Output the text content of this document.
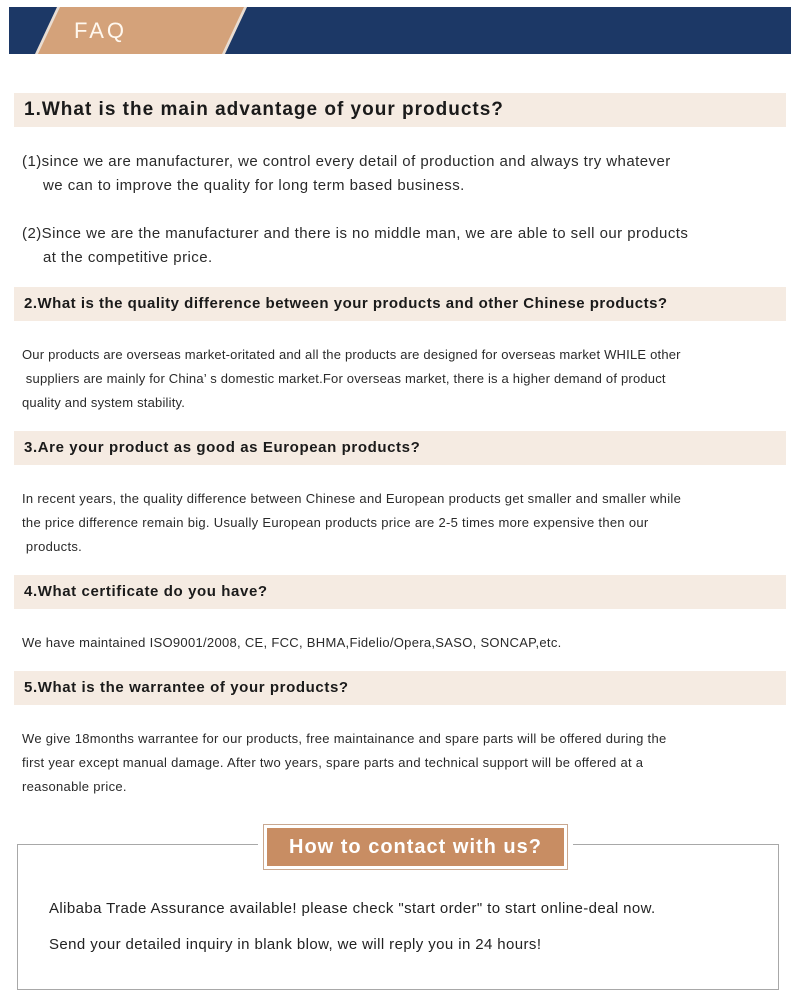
FAQ
1.What is the main advantage of your products?
(1)since we are manufacturer, we control every detail of production and always try whatever
we can to improve the quality for long term based business.
(2)Since we are the manufacturer and there is no middle man, we are able to sell our products
at the competitive price.
2.What is the quality difference between your products and other Chinese products?
Our products are overseas market-oritated and all the products are designed for overseas market WHILE other
suppliers are mainly for China’ s domestic market.For overseas market, there is a higher demand of product
quality and system stability.
3.Are your product as good as European products?
In recent years, the quality difference between Chinese and European products get smaller and smaller while
the price difference remain big. Usually European products price are 2-5 times more expensive then our
products.
4.What certificate do you have?
We have maintained ISO9001/2008, CE, FCC, BHMA,Fidelio/Opera,SASO, SONCAP,etc.
5.What is the warrantee of your products?
We give 18months warrantee for our products, free maintainance and spare parts will be offered during the
first year except manual damage. After two years, spare parts and technical support will be offered at a
reasonable price.
How to contact with us?
Alibaba Trade Assurance available! please check "start order" to start online-deal now.
Send your detailed inquiry in blank blow, we will reply you in 24 hours!
